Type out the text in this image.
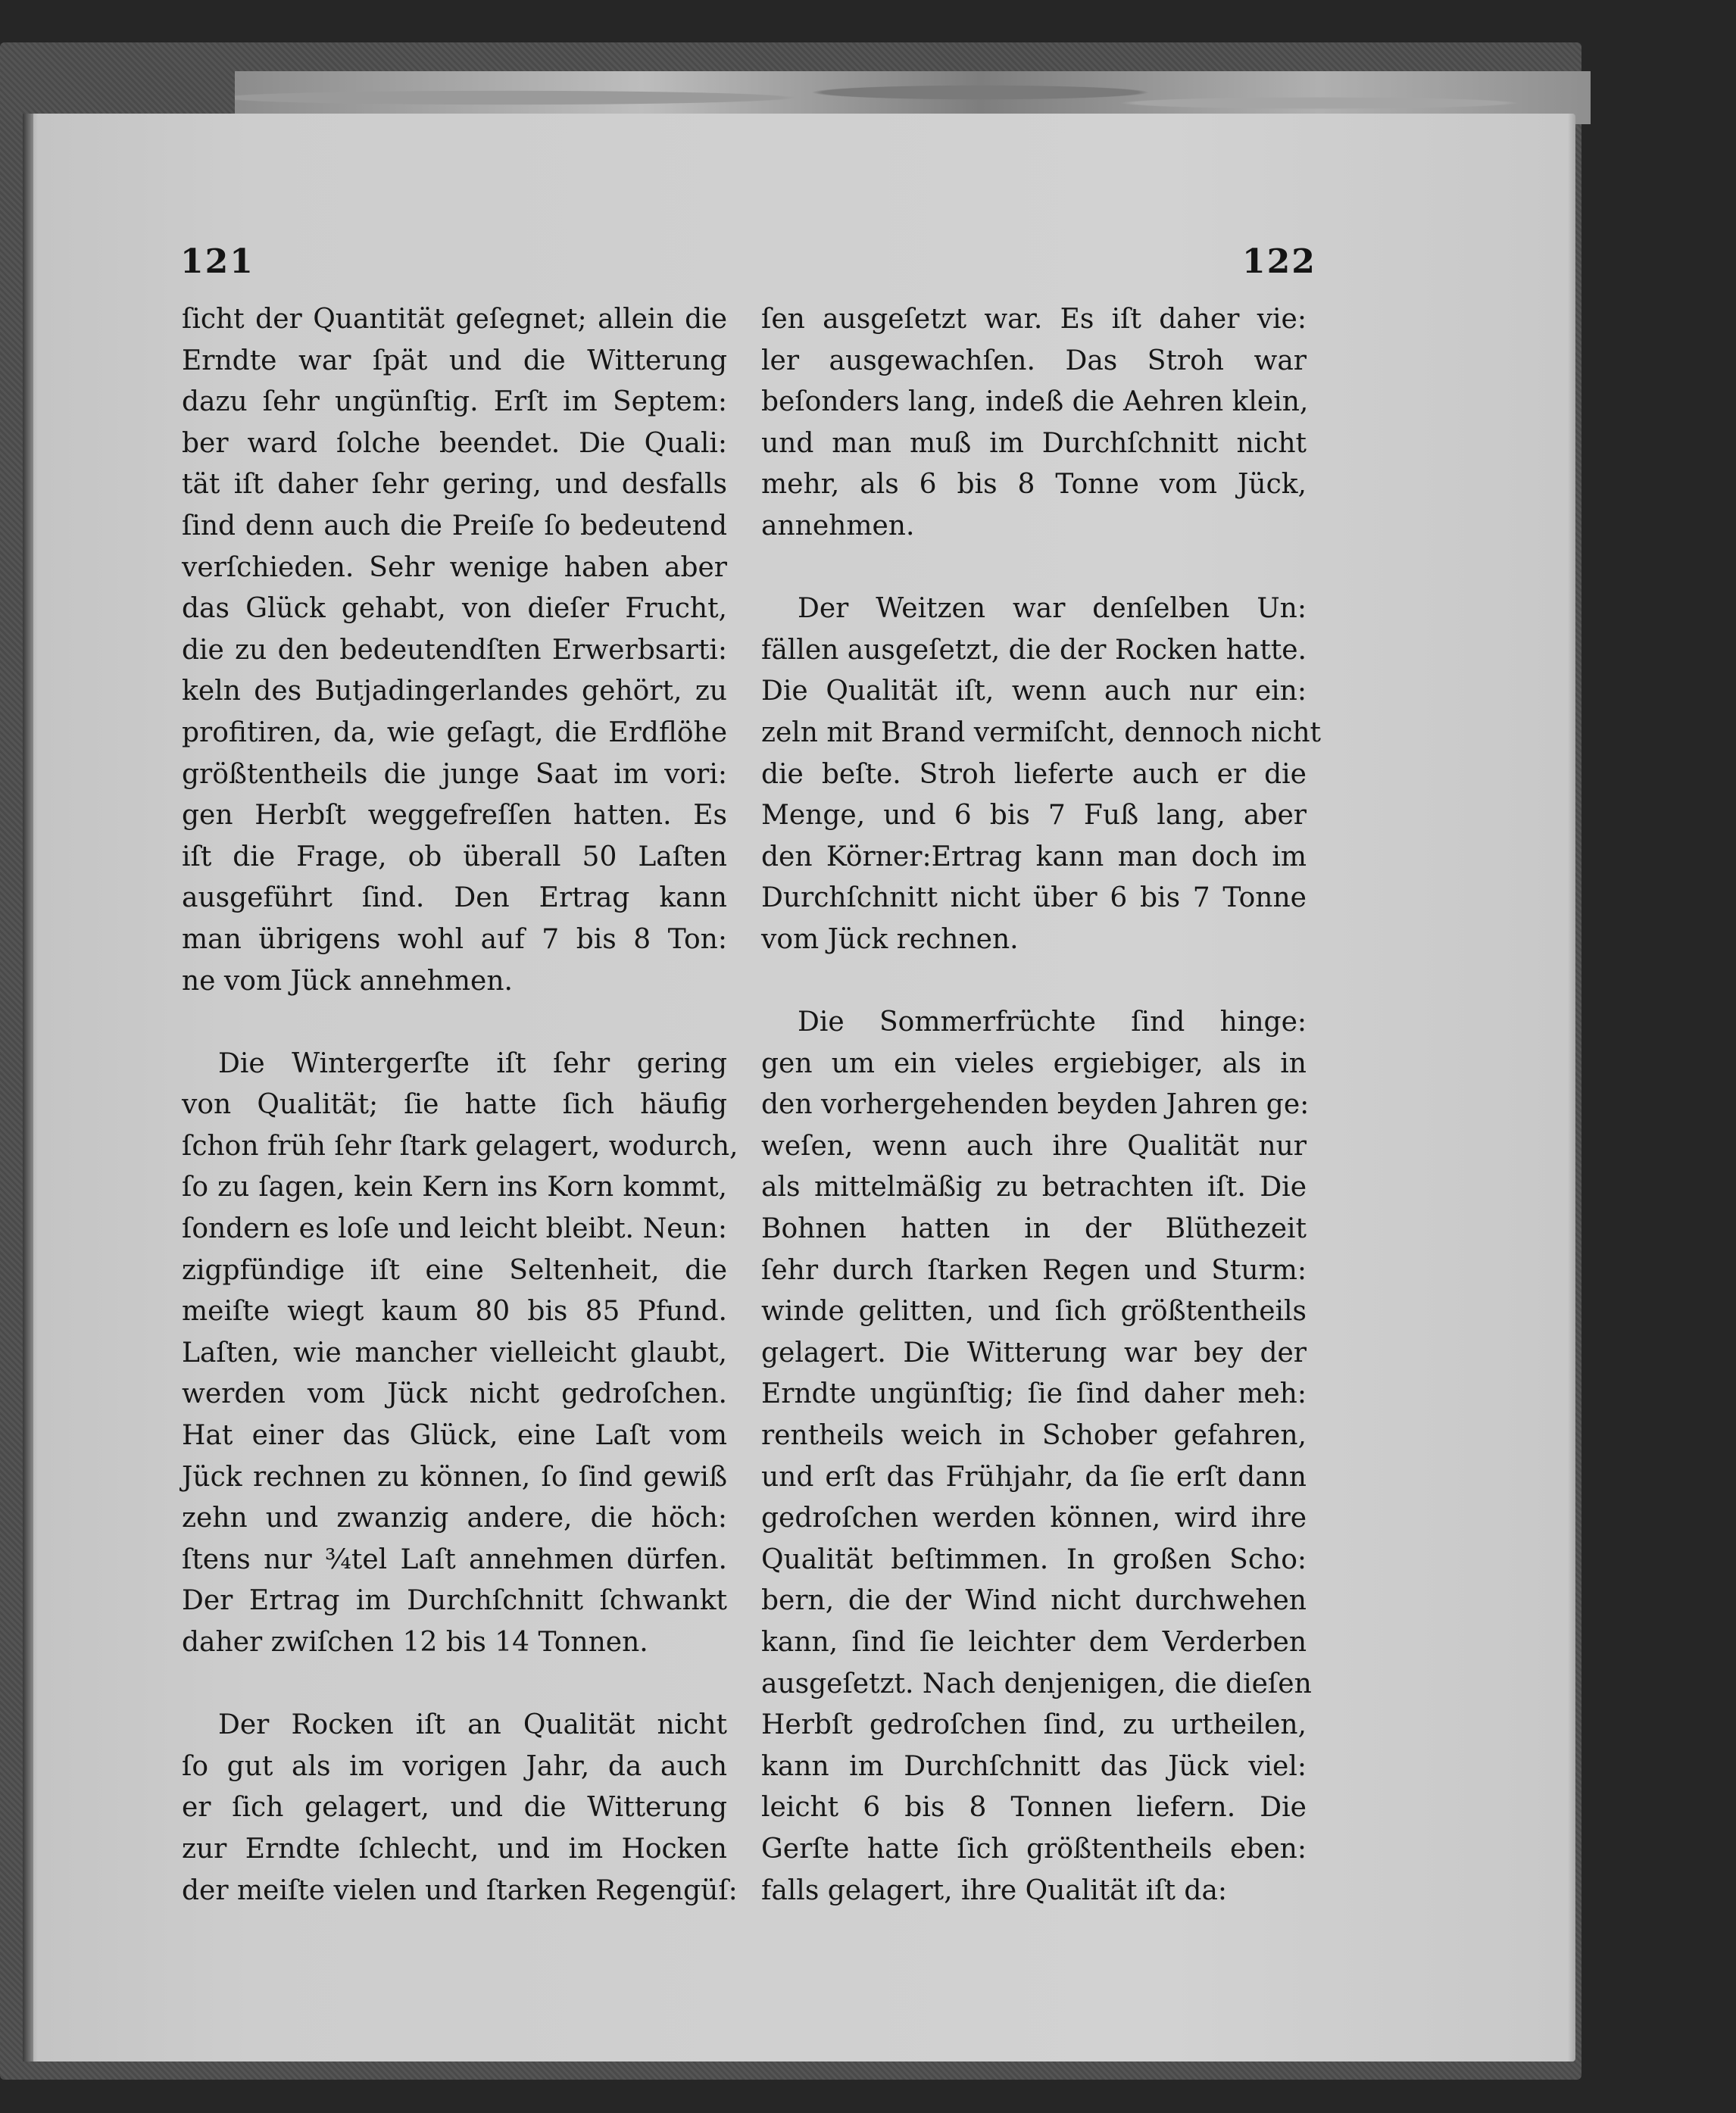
121	122
ſicht der Quantität geſegnet; allein die
Erndte war ſpät und die Witterung
dazu ſehr ungünſtig. Erſt im Septem:
ber ward ſolche beendet. Die Quali:
tät iſt daher ſehr gering, und desfalls
ſind denn auch die Preiſe ſo bedeutend
verſchieden. Sehr wenige haben aber
das Glück gehabt, von dieſer Frucht,
die zu den bedeutendſten Erwerbsarti:
keln des Butjadingerlandes gehört, zu
profitiren, da, wie geſagt, die Erdflöhe
größtentheils die junge Saat im vori:
gen Herbſt weggefreſſen hatten. Es
iſt die Frage, ob überall 50 Laſten
ausgeführt ſind. Den Ertrag kann
man übrigens wohl auf 7 bis 8 Ton:
ne vom Jück annehmen.
Die Wintergerſte iſt ſehr gering
von Qualität; ſie hatte ſich häufig
ſchon früh ſehr ſtark gelagert, wodurch,
ſo zu ſagen, kein Kern ins Korn kommt,
ſondern es loſe und leicht bleibt. Neun:
zigpfündige iſt eine Seltenheit, die
meiſte wiegt kaum 80 bis 85 Pfund.
Laſten, wie mancher vielleicht glaubt,
werden vom Jück nicht gedroſchen.
Hat einer das Glück, eine Laſt vom
Jück rechnen zu können, ſo ſind gewiß
zehn und zwanzig andere, die höch:
ſtens nur ¾tel Laſt annehmen dürfen.
Der Ertrag im Durchſchnitt ſchwankt
daher zwiſchen 12 bis 14 Tonnen.
Der Rocken iſt an Qualität nicht
ſo gut als im vorigen Jahr, da auch
er ſich gelagert, und die Witterung
zur Erndte ſchlecht, und im Hocken
der meiſte vielen und ſtarken Regengüſ:
ſen ausgeſetzt war. Es iſt daher vie:
ler ausgewachſen. Das Stroh war
beſonders lang, indeß die Aehren klein,
und man muß im Durchſchnitt nicht
mehr, als 6 bis 8 Tonne vom Jück,
annehmen.
Der Weitzen war denſelben Un:
fällen ausgeſetzt, die der Rocken hatte.
Die Qualität iſt, wenn auch nur ein:
zeln mit Brand vermiſcht, dennoch nicht
die beſte. Stroh lieferte auch er die
Menge, und 6 bis 7 Fuß lang, aber
den Körner:Ertrag kann man doch im
Durchſchnitt nicht über 6 bis 7 Tonne
vom Jück rechnen.
Die Sommerfrüchte ſind hinge:
gen um ein vieles ergiebiger, als in
den vorhergehenden beyden Jahren ge:
weſen, wenn auch ihre Qualität nur
als mittelmäßig zu betrachten iſt. Die
Bohnen hatten in der Blüthezeit
ſehr durch ſtarken Regen und Sturm:
winde gelitten, und ſich größtentheils
gelagert. Die Witterung war bey der
Erndte ungünſtig; ſie ſind daher meh:
rentheils weich in Schober gefahren,
und erſt das Frühjahr, da ſie erſt dann
gedroſchen werden können, wird ihre
Qualität beſtimmen. In großen Scho:
bern, die der Wind nicht durchwehen
kann, ſind ſie leichter dem Verderben
ausgeſetzt. Nach denjenigen, die dieſen
Herbſt gedroſchen ſind, zu urtheilen,
kann im Durchſchnitt das Jück viel:
leicht 6 bis 8 Tonnen liefern. Die
Gerſte hatte ſich größtentheils eben:
falls gelagert, ihre Qualität iſt da:
